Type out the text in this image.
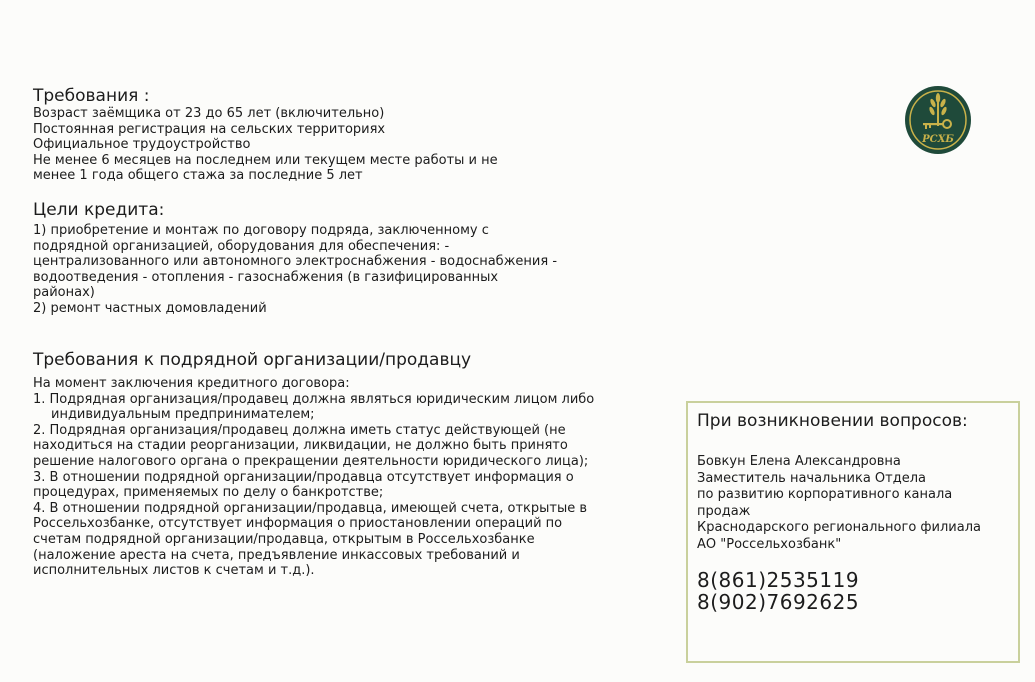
Требования :
Возраст заёмщика от 23 до 65 лет (включительно)
Постоянная регистрация на сельских территориях
Официальное трудоустройство
Не менее 6 месяцев на последнем или текущем месте работы и не
менее 1 года общего стажа за последние 5 лет
Цели кредита:
1) приобретение и монтаж по договору подряда, заключенному с
подрядной организацией, оборудования для обеспечения: -
централизованного или автономного электроснабжения - водоснабжения -
водоотведения - отопления - газоснабжения (в газифицированных
районах)
2) ремонт частных домовладений
Требования к подрядной организации/продавцу
На момент заключения кредитного договора:
1. Подрядная организация/продавец должна являться юридическим лицом либо
индивидуальным предпринимателем;
2. Подрядная организация/продавец должна иметь статус действующей (не
находиться на стадии реорганизации, ликвидации, не должно быть принято
решение налогового органа о прекращении деятельности юридического лица);
3. В отношении подрядной организации/продавца отсутствует информация о
процедурах, применяемых по делу о банкротстве;
4. В отношении подрядной организации/продавца, имеющей счета, открытые в
Россельхозбанке, отсутствует информация о приостановлении операций по
счетам подрядной организации/продавца, открытым в Россельхозбанке
(наложение ареста на счета, предъявление инкассовых требований и
исполнительных листов к счетам и т.д.).
РСХБ
При возникновении вопросов:
Бовкун Елена Александровна
Заместитель начальника Отдела
по развитию корпоративного канала
продаж
Краснодарского регионального филиала
АО "Россельхозбанк"
8(861)2535119
8(902)7692625
